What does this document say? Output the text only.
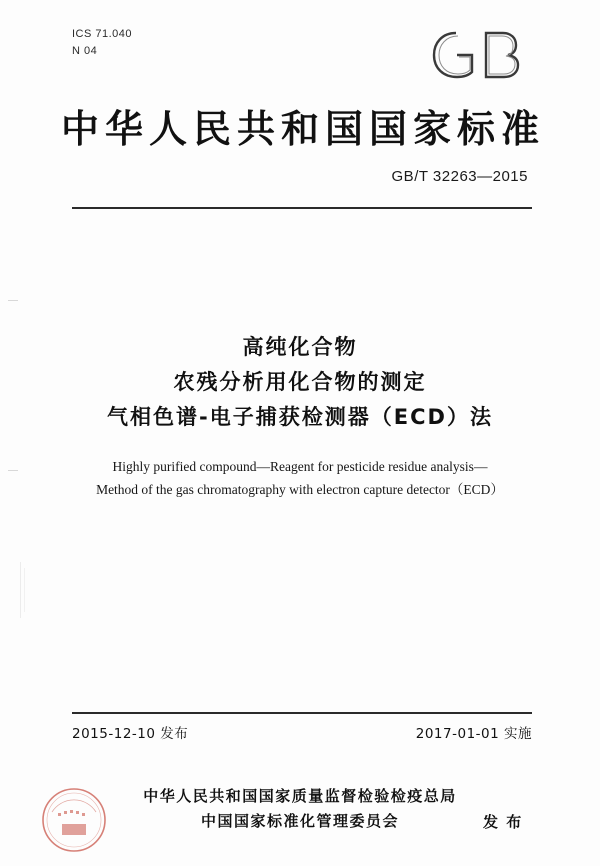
ICS 71.040
N 04
中华人民共和国国家标准
GB/T 32263—2015
高纯化合物
农残分析用化合物的测定
气相色谱-电子捕获检测器（ECD）法
Highly purified compound—Reagent for pesticide residue analysis—
Method of the gas chromatography with electron capture detector（ECD）
2015-12-10 发布	2017-01-01 实施
中华人民共和国国家质量监督检验检疫总局
中国国家标准化管理委员会	发 布
